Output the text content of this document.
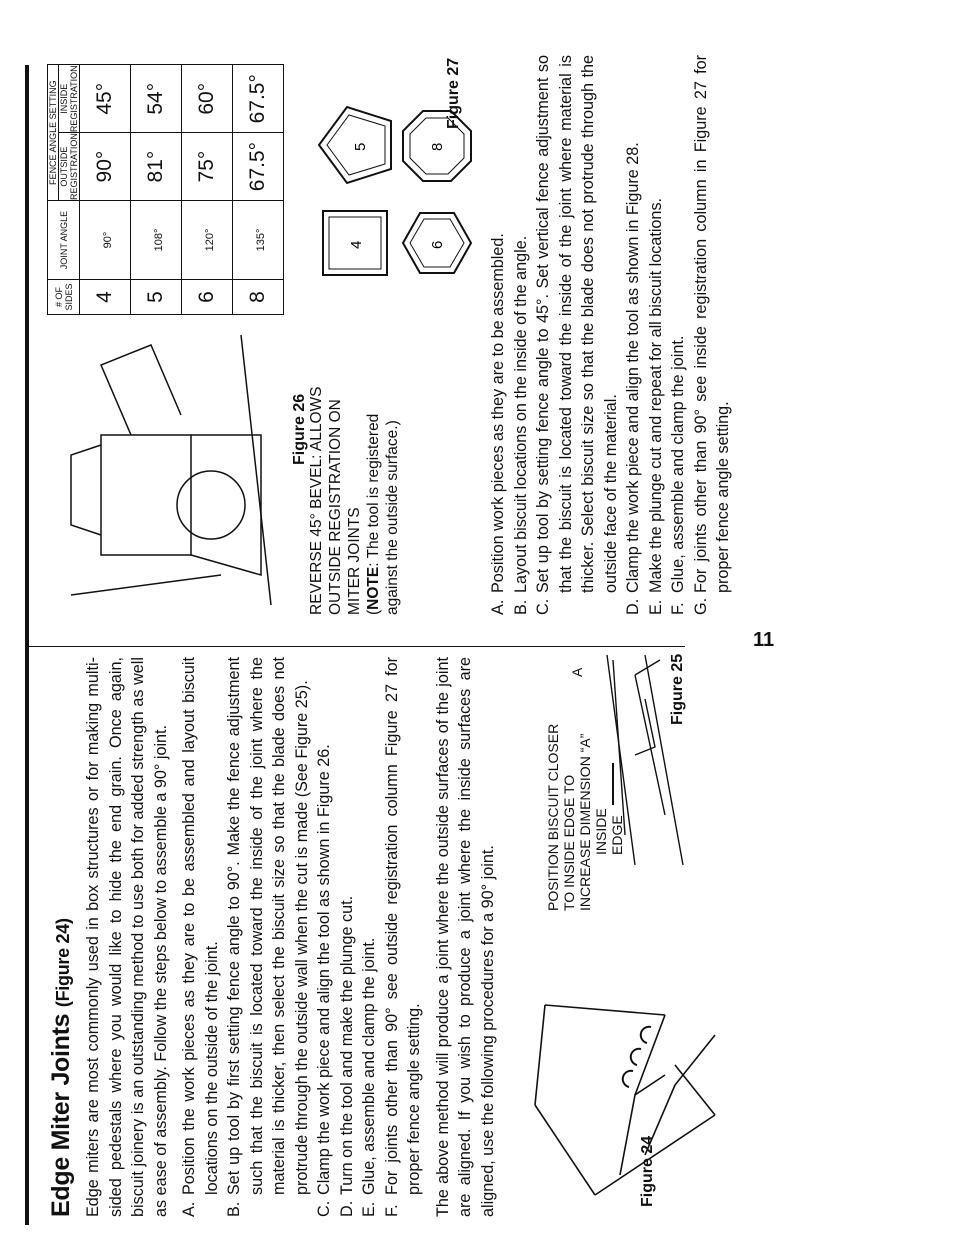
11
Edge Miter Joints (Figure 24) Edge miters are most commonly used in box structures or for making multi-sided pedestals where you would like to hide the end grain. Once again, biscuit joinery is an outstanding method to use both for added strength as well as ease of assembly. Follow the steps below to assemble a 90° joint. A.
Position the work pieces as they are to be assembled and layout biscuit locations on the outside of the joint.
B.
Set up tool by first setting fence angle to 90°. Make the fence adjustment such that the biscuit is located toward the inside of the joint where the material is thicker, then select the biscuit size so that the blade does not protrude through the outside wall when the cut is made (See Figure 25).
C.
Clamp the work piece and align the tool as shown in Figure 26.
D.
Turn on the tool and make the plunge cut.
E.
Glue, assemble and clamp the joint.
F.
For joints other than 90° see outside registration column Figure 27 for proper fence angle setting. The above method will produce a joint where the outside surfaces of the joint are aligned. If you wish to produce a joint where the inside surfaces are aligned, use the following procedures for a 90° joint.	Figure 24
POSITION BISCUIT CLOSER TO INSIDE EDGE TO INCREASE DIMENSION “A” INSIDE EDGE
A	Figure 25
Figure 26 REVERSE 45° BEVEL: ALLOWS OUTSIDE REGISTRATION ON MITER JOINTS (NOTE: The tool is registered against the outside surface.)
# OF SIDES	JOINT ANGLE	FENCE ANGLE SETTING	
		OUTSIDE REGISTRATION	INSIDE REGISTRATION
4	90°	90°	45°
5	108°	81°	54°
6	120°	75°	60°
8	135°	67.5°	67.5°
4
5
6
8
Figure 27
A.
Position work pieces as they are to be assembled.
B.
Layout biscuit locations on the inside of the angle.
C.
Set up tool by setting fence angle to 45°. Set vertical fence adjustment so that the biscuit is located toward the inside of the joint where material is thicker. Select biscuit size so that the blade does not protrude through the outside face of the material.
D.
Clamp the work piece and align the tool as shown in Figure 28.
E.
Make the plunge cut and repeat for all biscuit locations.
F.
Glue, assemble and clamp the joint.
G.
For joints other than 90° see inside registration column in Figure 27 for proper fence angle setting.
